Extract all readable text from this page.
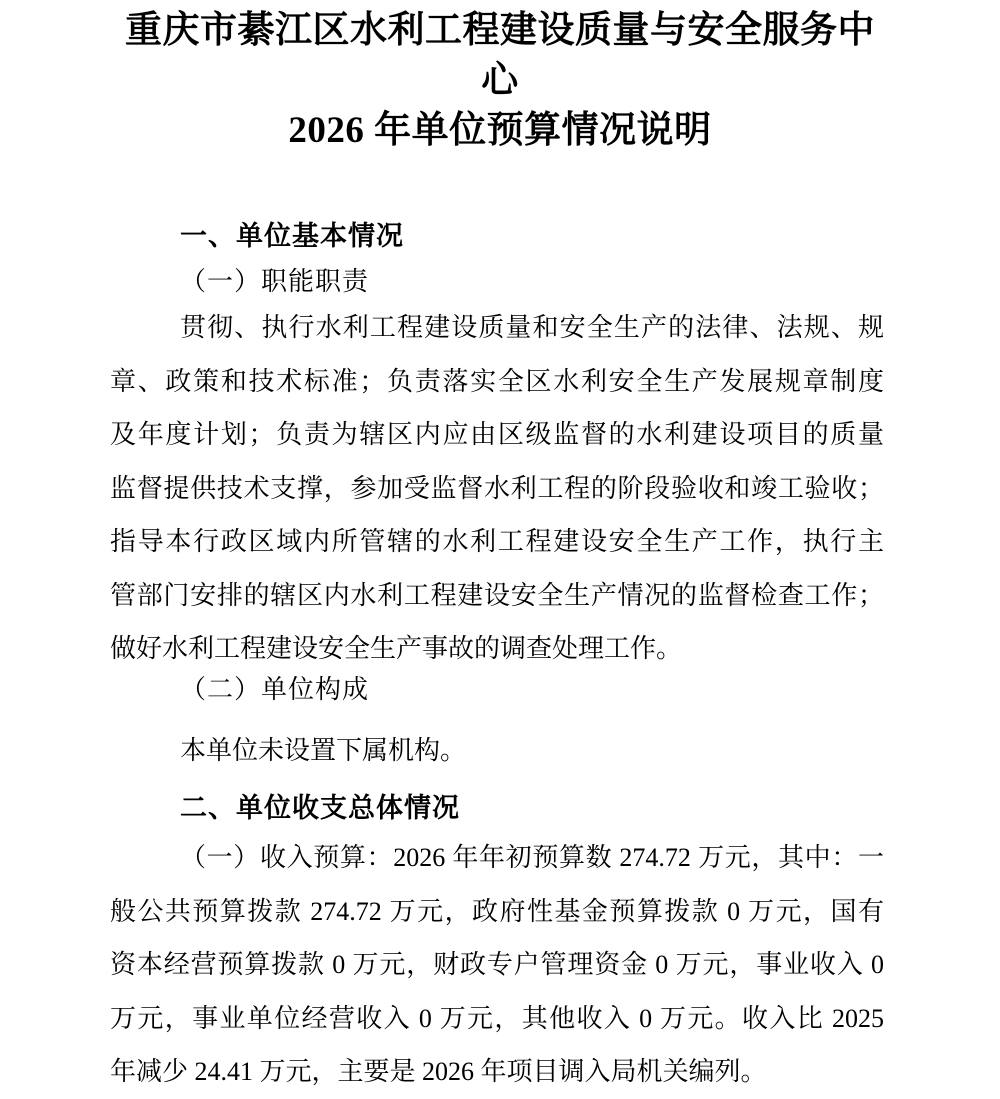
重庆市綦江区水利工程建设质量与安全服务中
心
2026 年单位预算情况说明
一、单位基本情况
（一）职能职责
贯彻、执行水利工程建设质量和安全生产的法律、法规、规
章、政策和技术标准；负责落实全区水利安全生产发展规章制度
及年度计划；负责为辖区内应由区级监督的水利建设项目的质量
监督提供技术支撑，参加受监督水利工程的阶段验收和竣工验收；
指导本行政区域内所管辖的水利工程建设安全生产工作，执行主
管部门安排的辖区内水利工程建设安全生产情况的监督检查工作；
做好水利工程建设安全生产事故的调查处理工作。
（二）单位构成
本单位未设置下属机构。
二、单位收支总体情况
（一）收入预算：2026 年年初预算数 274.72 万元，其中：一
般公共预算拨款 274.72 万元，政府性基金预算拨款 0 万元，国有
资本经营预算拨款 0 万元，财政专户管理资金 0 万元，事业收入 0
万元，事业单位经营收入 0 万元，其他收入 0 万元。收入比 2025
年减少 24.41 万元，主要是 2026 年项目调入局机关编列。
